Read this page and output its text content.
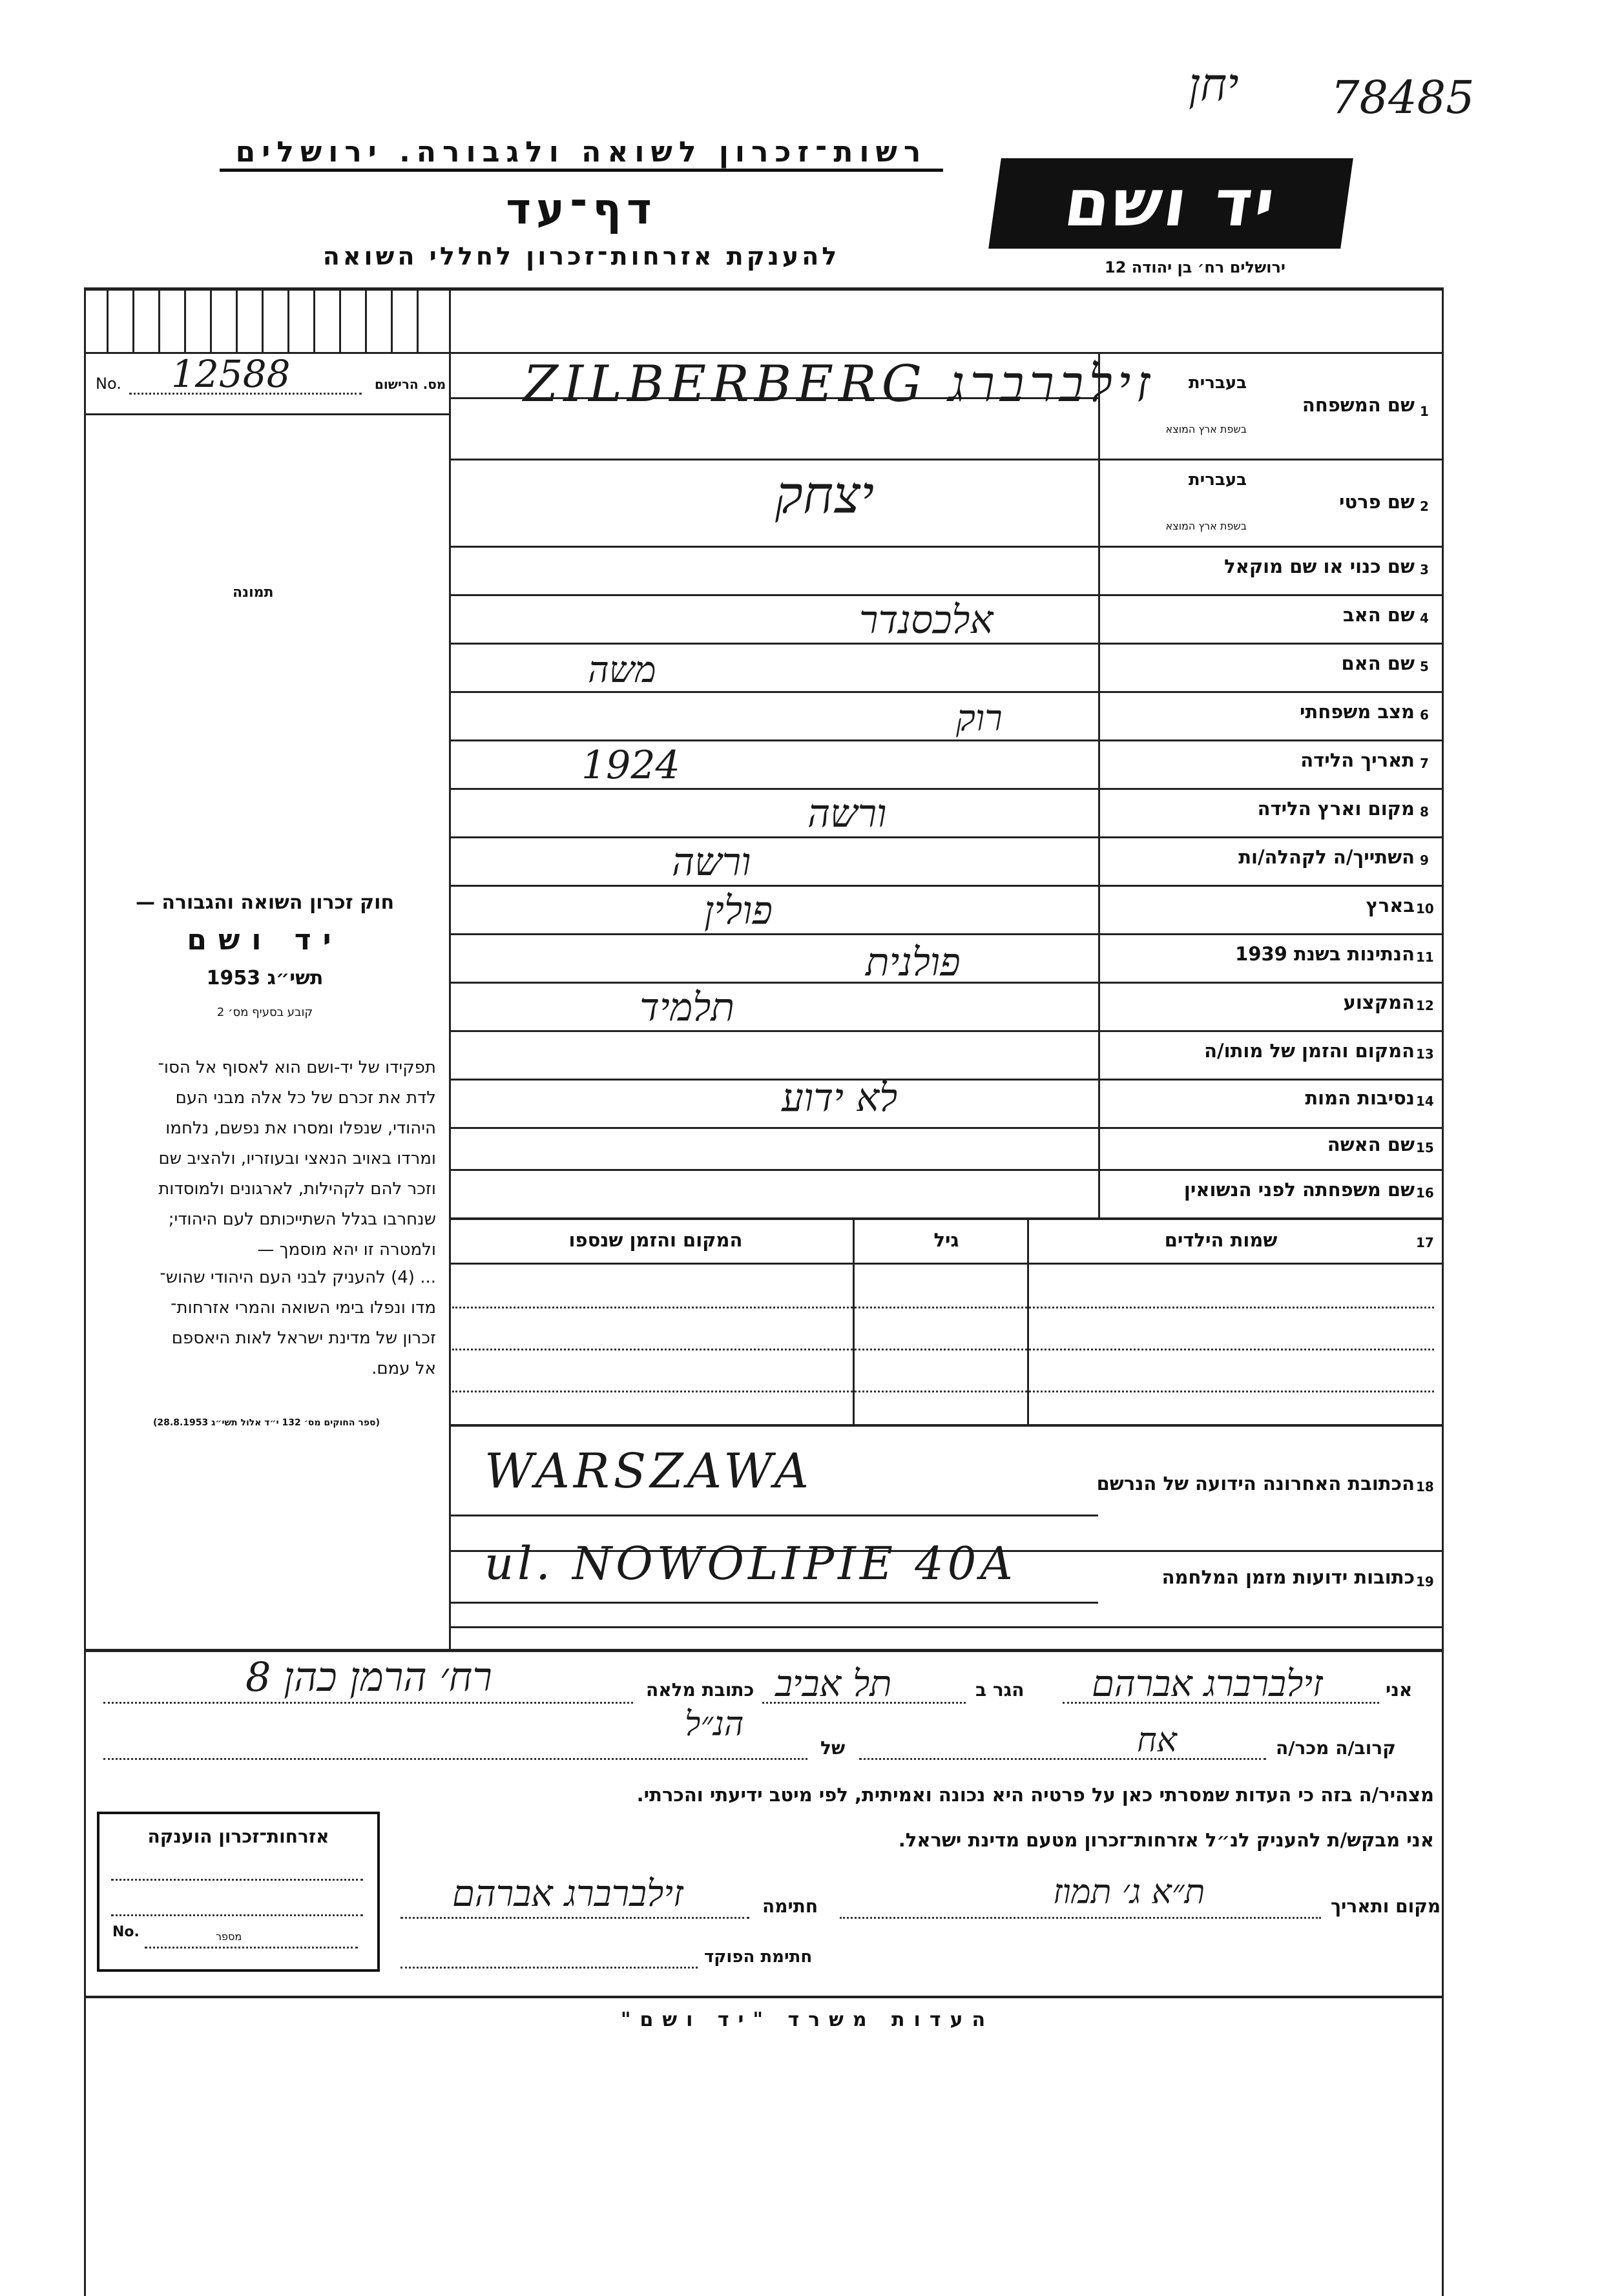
יחן 78485
רשות־זכרון לשואה ולגבורה. ירושלים
דף־עד
להענקת אזרחות־זכרון לחללי השואה
יד ושם
ירושלים רח׳ בן יהודה 12
No.	מס. הרישום
12588
תמונה
חוק זכרון השואה והגבורה —
יד ושם
תשי״ג 1953
קובע בסעיף מס׳ 2
תפקידו של יד-ושם הוא לאסוף אל הסו־
לדת את זכרם של כל אלה מבני העם
היהודי, שנפלו ומסרו את נפשם, נלחמו
ומרדו באויב הנאצי ובעוזריו, ולהציב שם
וזכר להם לקהילות, לארגונים ולמוסדות
שנחרבו בגלל השתייכותם לעם היהודי;
ולמטרה זו יהא מוסמך —
... (4) להעניק לבני העם היהודי שהוש־
מדו ונפלו בימי השואה והמרי אזרחות־
זכרון של מדינת ישראל לאות היאספם
אל עמם.
(ספר החוקים מס׳ 132 י״ד אלול תשי״ג 28.8.1953)
שם המשפחה
בשפת ארץ המוצא
בעברית
1
ZILBERBERG זילברברג
שם פרטי
בשפת ארץ המוצא
בעברית
2
יצחק
שם כנוי או שם מוקאל 3
שם האב 4
אלכסנדר
שם האם 5
משה
מצב משפחתי 6
רוק
תאריך הלידה 7
1924
מקום וארץ הלידה 8
ורשה
השתייך/ה לקהלה/ות 9
ורשה
בארץ 10
פולין
הנתינות בשנת 1939 11
פולנית
המקצוע 12
תלמיד
המקום והזמן של מותו/ה 13
נסיבות המות 14
לא ידוע
שם האשה 15
שם משפחתה לפני הנשואין 16
17
שמות הילדים
גיל
המקום והזמן שנספו
הכתובת האחרונה הידועה של הנרשם 18
WARSZAWA
כתובות ידועות מזמן המלחמה 19
ul. NOWOLIPIE 40A
אני
זילברברג אברהם
הגר ב
תל אביב
כתובת מלאה
רח׳ הרמן כהן 8
קרוב/ה מכר/ה
אח
של
הנ״ל
מצהיר/ה בזה כי העדות שמסרתי כאן על פרטיה היא נכונה ואמיתית, לפי מיטב ידיעתי והכרתי.
אני מבקש/ת להעניק לנ״ל אזרחות־זכרון מטעם מדינת ישראל.
מקום ותאריך
ת״א ג׳ תמוז
חתימה
זילברברג אברהם
חתימת הפוקד
אזרחות־זכרון הוענקה
No.	מספר
העדות משרד "יד ושם"
